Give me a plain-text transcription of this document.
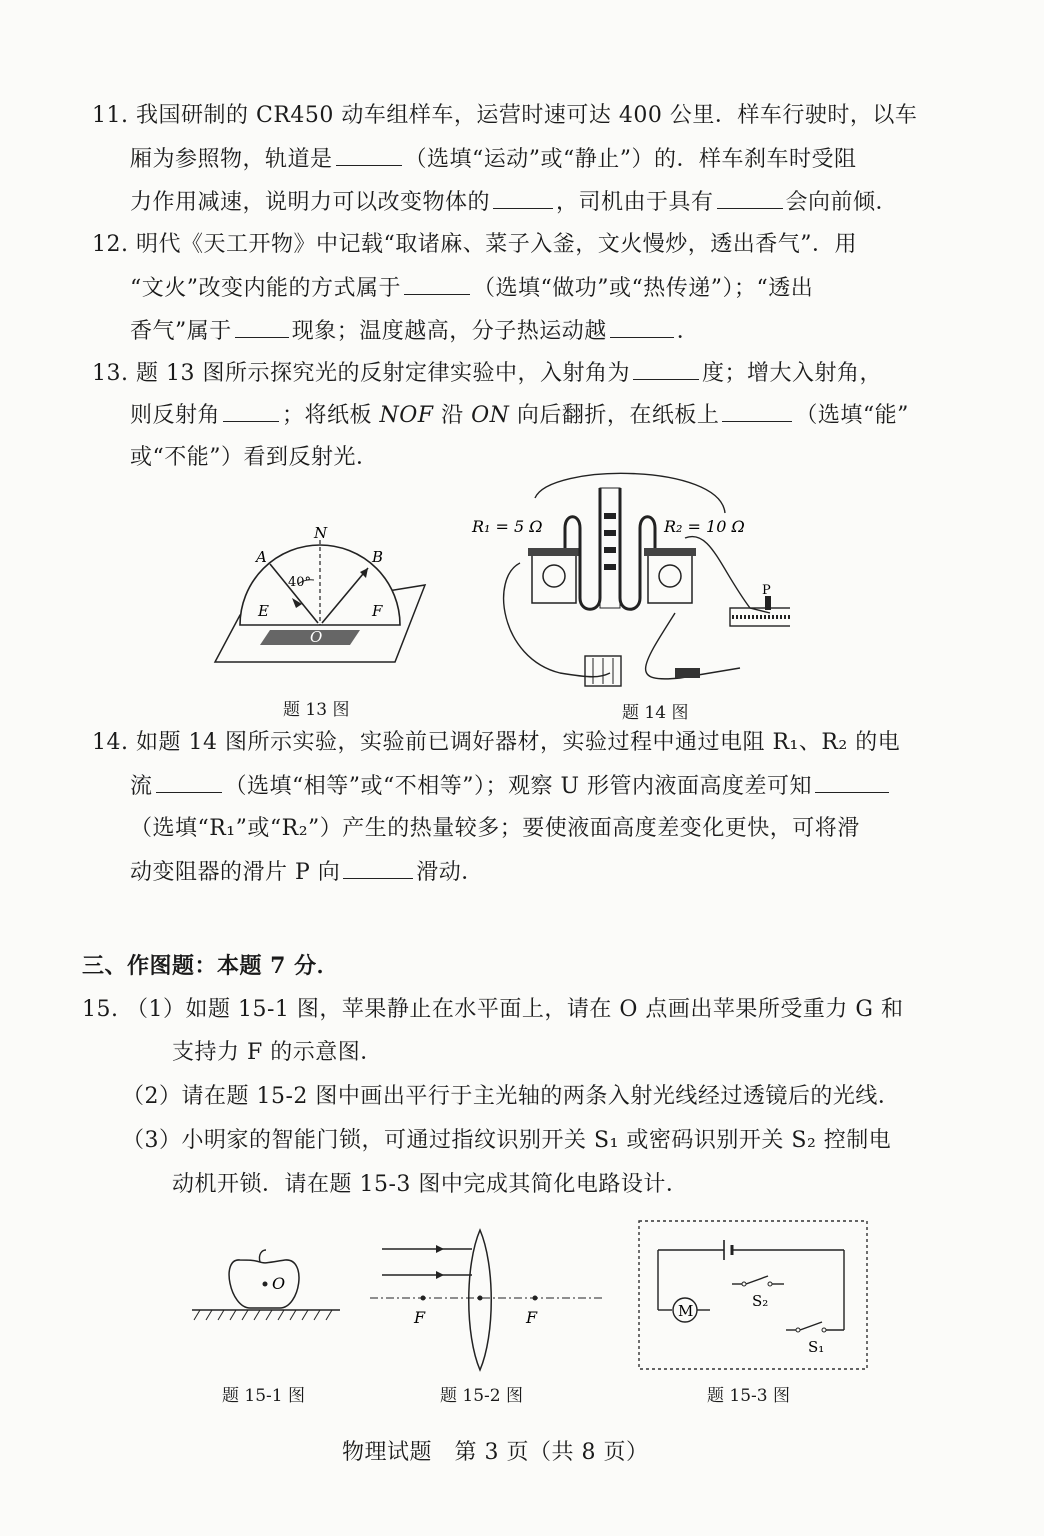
11. 我国研制的 CR450 动车组样车，运营时速可达 400 公里．样车行驶时，以车
厢为参照物，轨道是	（选填“运动”或“静止”）的．样车刹车时受阻
力作用减速，说明力可以改变物体的	，司机由于具有	会向前倾．
12. 明代《天工开物》中记载“取诸麻、菜子入釜，文火慢炒，透出香气”．用
“文火”改变内能的方式属于	（选填“做功”或“热传递”）；“透出
香气”属于	现象；温度越高，分子热运动越	．
13. 题 13 图所示探究光的反射定律实验中，入射角为	度；增大入射角，
则反射角	；将纸板 NOF 沿 ON 向后翻折，在纸板上	（选填“能”
或“不能”）看到反射光．
N
A	B
E	F
O
40°
题 13 图
R₁ = 5 Ω	R₂ = 10 Ω
P
题 14 图
14. 如题 14 图所示实验，实验前已调好器材，实验过程中通过电阻 R₁、R₂ 的电
流	（选填“相等”或“不相等”）；观察 U 形管内液面高度差可知
（选填“R₁”或“R₂”）产生的热量较多；要使液面高度差变化更快，可将滑
动变阻器的滑片 P 向	滑动．
三、作图题：本题 7 分．
15. （1）如题 15-1 图，苹果静止在水平面上，请在 O 点画出苹果所受重力 G 和
支持力 F 的示意图．
（2）请在题 15-2 图中画出平行于主光轴的两条入射光线经过透镜后的光线．
（3）小明家的智能门锁，可通过指纹识别开关 S₁ 或密码识别开关 S₂ 控制电
动机开锁．请在题 15-3 图中完成其简化电路设计．
O
题 15-1 图
F	F
题 15-2 图
M
S₂
S₁
题 15-3 图
物理试题　第 3 页（共 8 页）
